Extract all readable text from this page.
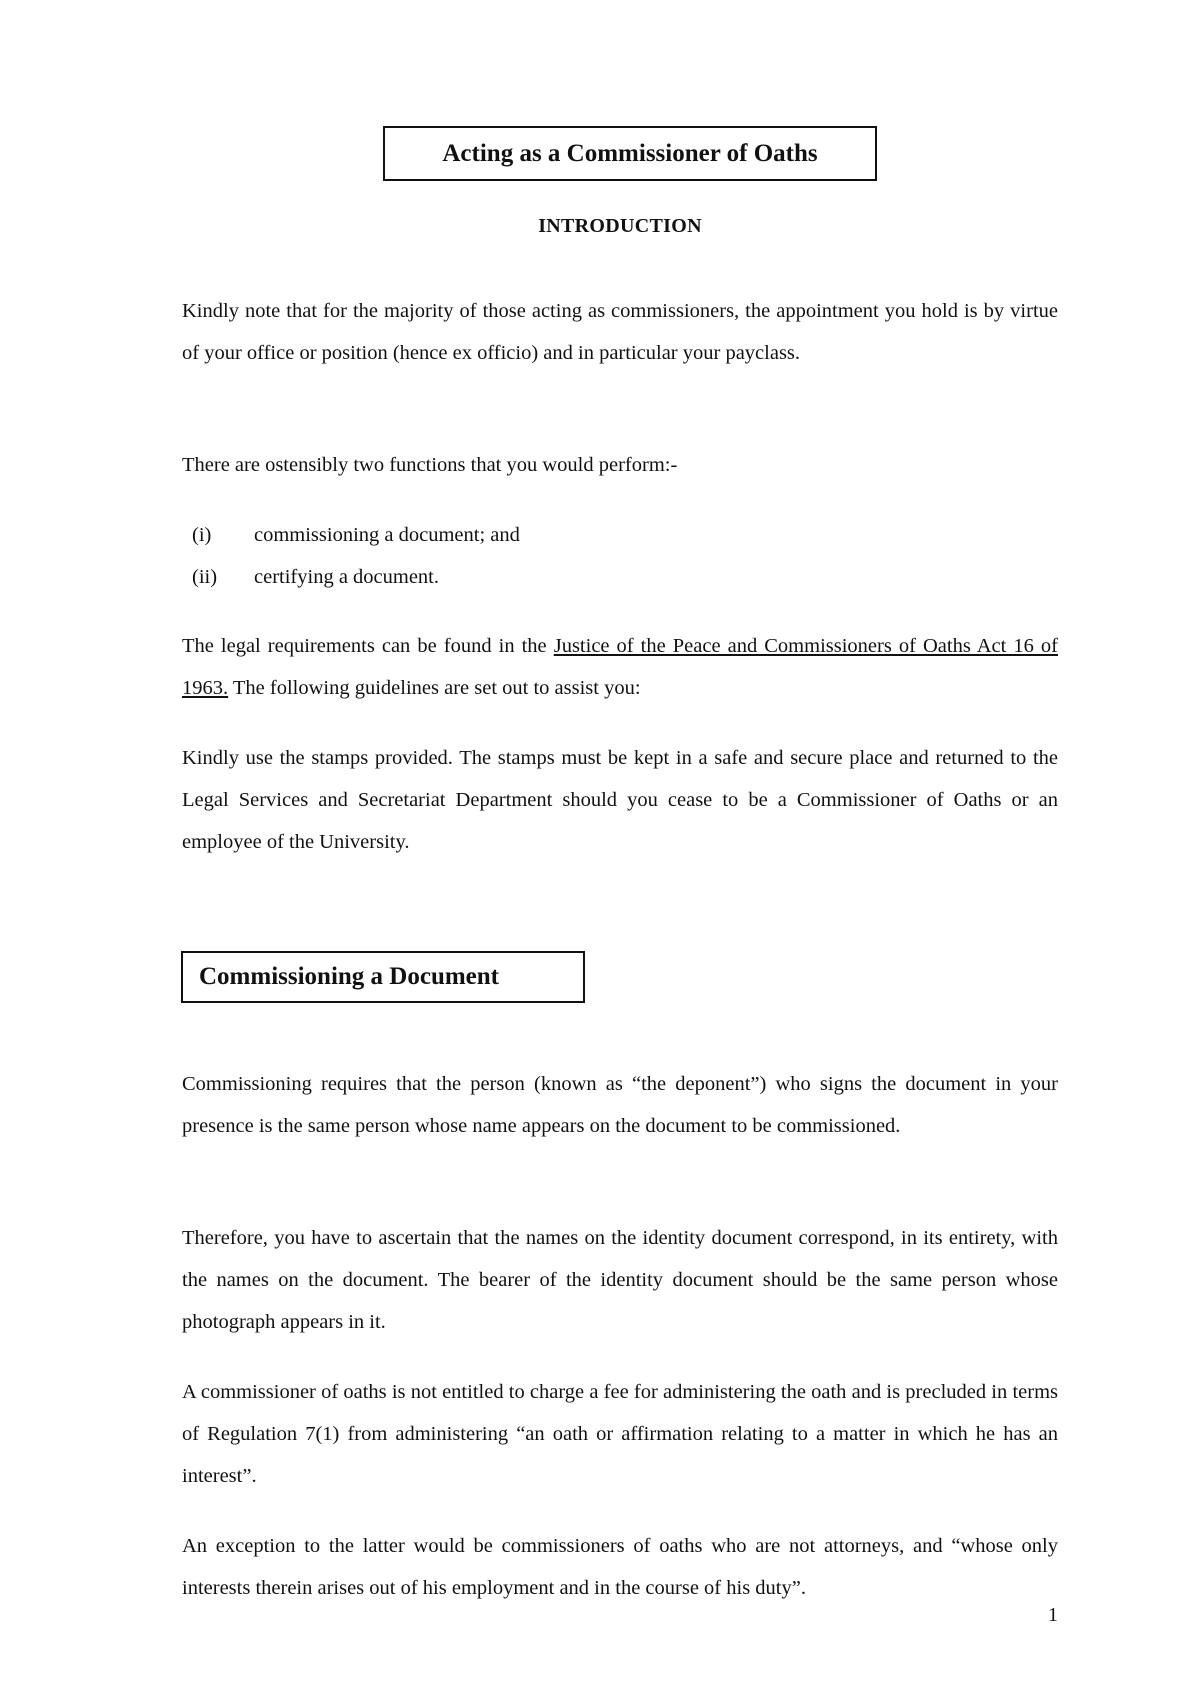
Acting as a Commissioner of Oaths
INTRODUCTION

Kindly note that for the majority of those acting as commissioners, the appointment you hold is by virtue of your office or position (hence ex officio) and in particular your payclass.

There are ostensibly two functions that you would perform:-

(i) commissioning a document; and
(ii) certifying a document.

The legal requirements can be found in the Justice of the Peace and Commissioners of Oaths Act 16 of 1963. The following guidelines are set out to assist you:

Kindly use the stamps provided. The stamps must be kept in a safe and secure place and returned to the Legal Services and Secretariat Department should you cease to be a Commissioner of Oaths or an employee of the University.

Commissioning a Document

Commissioning requires that the person (known as “the deponent”) who signs the document in your presence is the same person whose name appears on the document to be commissioned.

Therefore, you have to ascertain that the names on the identity document correspond, in its entirety, with the names on the document. The bearer of the identity document should be the same person whose photograph appears in it.

A commissioner of oaths is not entitled to charge a fee for administering the oath and is precluded in terms of Regulation 7(1) from administering “an oath or affirmation relating to a matter in which he has an interest”.

An exception to the latter would be commissioners of oaths who are not attorneys, and “whose only interests therein arises out of his employment and in the course of his duty”.

1
